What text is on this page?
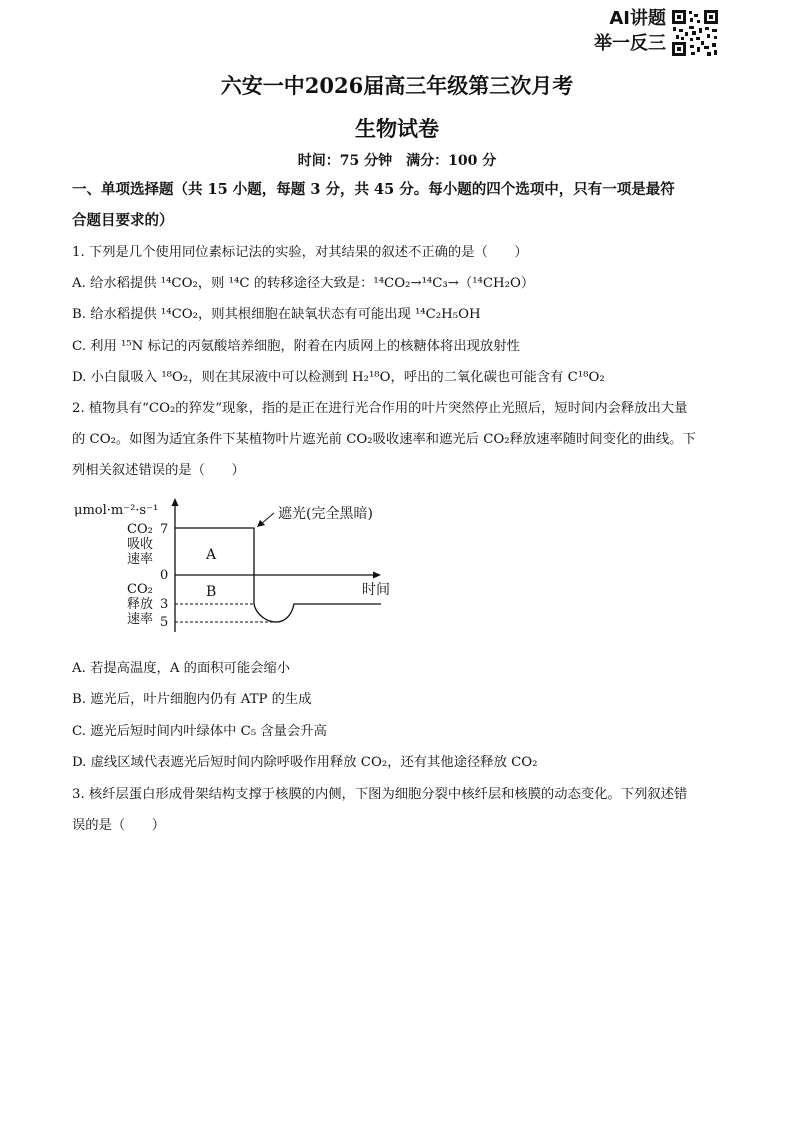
AI讲题
举一反三
六安一中2026届高三年级第三次月考
生物试卷
时间：75 分钟　满分：100 分
一、单项选择题（共 15 小题，每题 3 分，共 45 分。每小题的四个选项中，只有一项是最符
合题目要求的）
1. 下列是几个使用同位素标记法的实验，对其结果的叙述不正确的是（　　）
A. 给水稻提供 ¹⁴CO₂，则 ¹⁴C 的转移途径大致是：¹⁴CO₂→¹⁴C₃→（¹⁴CH₂O）
B. 给水稻提供 ¹⁴CO₂，则其根细胞在缺氧状态有可能出现 ¹⁴C₂H₅OH
C. 利用 ¹⁵N 标记的丙氨酸培养细胞，附着在内质网上的核糖体将出现放射性
D. 小白鼠吸入 ¹⁸O₂，则在其尿液中可以检测到 H₂¹⁸O，呼出的二氧化碳也可能含有 C¹⁸O₂
2. 植物具有“CO₂的猝发”现象，指的是正在进行光合作用的叶片突然停止光照后，短时间内会释放出大量
的 CO₂。如图为适宜条件下某植物叶片遮光前 CO₂吸收速率和遮光后 CO₂释放速率随时间变化的曲线。下
列相关叙述错误的是（　　）
μmol·m⁻²·s⁻¹
CO₂
吸收
速率
CO₂
释放
速率
7
0
3
5
A
B	时间
遮光(完全黑暗)
A. 若提高温度，A 的面积可能会缩小
B. 遮光后，叶片细胞内仍有 ATP 的生成
C. 遮光后短时间内叶绿体中 C₅ 含量会升高
D. 虚线区域代表遮光后短时间内除呼吸作用释放 CO₂，还有其他途径释放 CO₂
3. 核纤层蛋白形成骨架结构支撑于核膜的内侧，下图为细胞分裂中核纤层和核膜的动态变化。下列叙述错
误的是（　　）
